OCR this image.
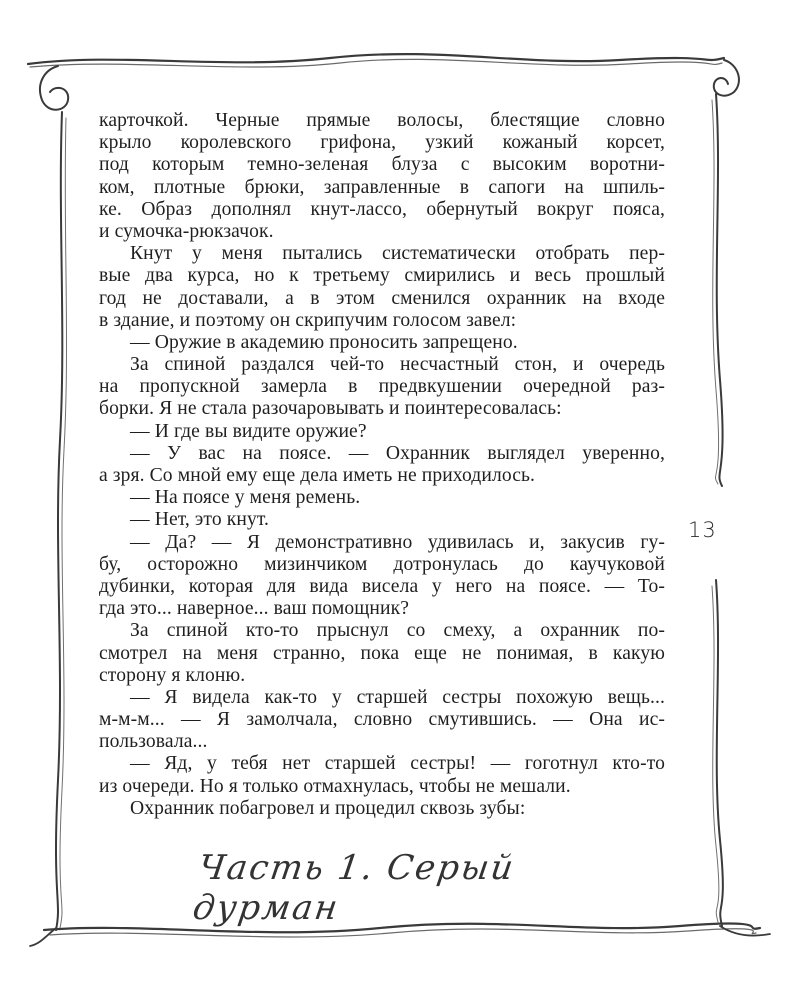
карточкой. Черные прямые волосы, блестящие словно
крыло королевского грифона, узкий кожаный корсет,
под которым темно-зеленая блуза с высоким воротни-
ком, плотные брюки, заправленные в сапоги на шпиль-
ке. Образ дополнял кнут-лассо, обернутый вокруг пояса,
и сумочка-рюкзачок.
Кнут у меня пытались систематически отобрать пер-
вые два курса, но к третьему смирились и весь прошлый
год не доставали, а в этом сменился охранник на входе
в здание, и поэтому он скрипучим голосом завел:
— Оружие в академию проносить запрещено.
За спиной раздался чей-то несчастный стон, и очередь
на пропускной замерла в предвкушении очередной раз-
борки. Я не стала разочаровывать и поинтересовалась:
— И где вы видите оружие?
— У вас на поясе. — Охранник выглядел уверенно,
а зря. Со мной ему еще дела иметь не приходилось.
— На поясе у меня ремень.
— Нет, это кнут.
— Да? — Я демонстративно удивилась и, закусив гу-
бу, осторожно мизинчиком дотронулась до каучуковой
дубинки, которая для вида висела у него на поясе. — То-
гда это... наверное... ваш помощник?
За спиной кто-то прыснул со смеху, а охранник по-
смотрел на меня странно, пока еще не понимая, в какую
сторону я клоню.
— Я видела как-то у старшей сестры похожую вещь...
м-м-м... — Я замолчала, словно смутившись. — Она ис-
пользовала...
— Яд, у тебя нет старшей сестры! — гоготнул кто-то
из очереди. Но я только отмахнулась, чтобы не мешали.
Охранник побагровел и процедил сквозь зубы:
13
Часть 1. Серый дурман
